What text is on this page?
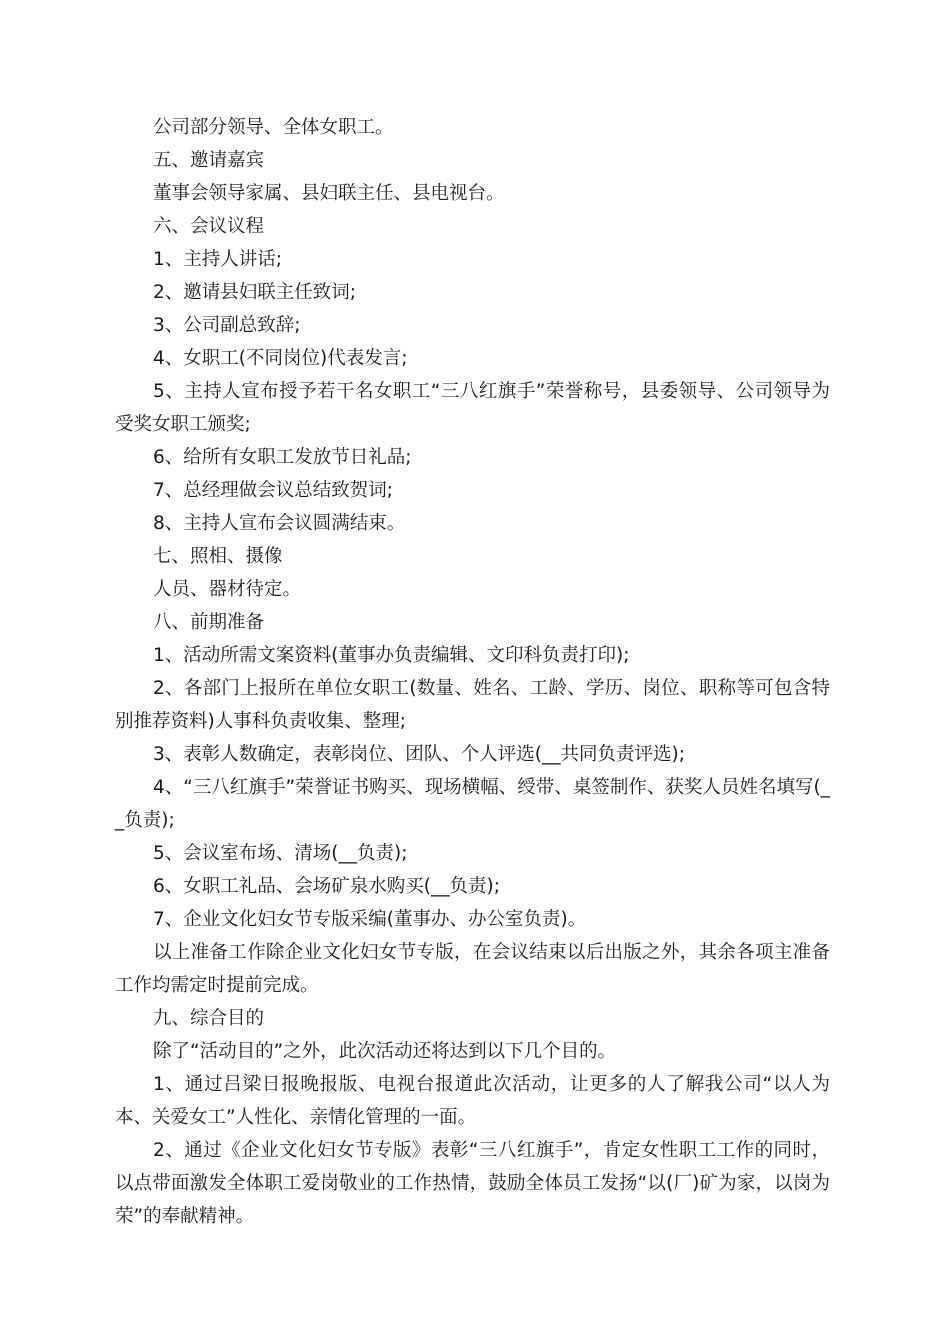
公司部分领导、全体女职工。

五、邀请嘉宾

董事会领导家属、县妇联主任、县电视台。

六、会议议程

1、主持人讲话;

2、邀请县妇联主任致词;

3、公司副总致辞;

4、女职工(不同岗位)代表发言;

5、主持人宣布授予若干名女职工“三八红旗手”荣誉称号，县委领导、公司领导为受奖女职工颁奖;

6、给所有女职工发放节日礼品;

7、总经理做会议总结致贺词;

8、主持人宣布会议圆满结束。

七、照相、摄像

人员、器材待定。

八、前期准备

1、活动所需文案资料(董事办负责编辑、文印科负责打印);

2、各部门上报所在单位女职工(数量、姓名、工龄、学历、岗位、职称等可包含特别推荐资料)人事科负责收集、整理;

3、表彰人数确定，表彰岗位、团队、个人评选(__共同负责评选);

4、“三八红旗手”荣誉证书购买、现场横幅、绶带、桌签制作、获奖人员姓名填写(__负责);

5、会议室布场、清场(__负责);

6、女职工礼品、会场矿泉水购买(__负责);

7、企业文化妇女节专版采编(董事办、办公室负责)。

以上准备工作除企业文化妇女节专版，在会议结束以后出版之外，其余各项主准备工作均需定时提前完成。

九、综合目的

除了“活动目的”之外，此次活动还将达到以下几个目的。

1、通过吕梁日报晚报版、电视台报道此次活动，让更多的人了解我公司“以人为本、关爱女工”人性化、亲情化管理的一面。

2、通过《企业文化妇女节专版》表彰“三八红旗手”，肯定女性职工工作的同时，以点带面激发全体职工爱岗敬业的工作热情，鼓励全体员工发扬“以(厂)矿为家，以岗为荣”的奉献精神。
